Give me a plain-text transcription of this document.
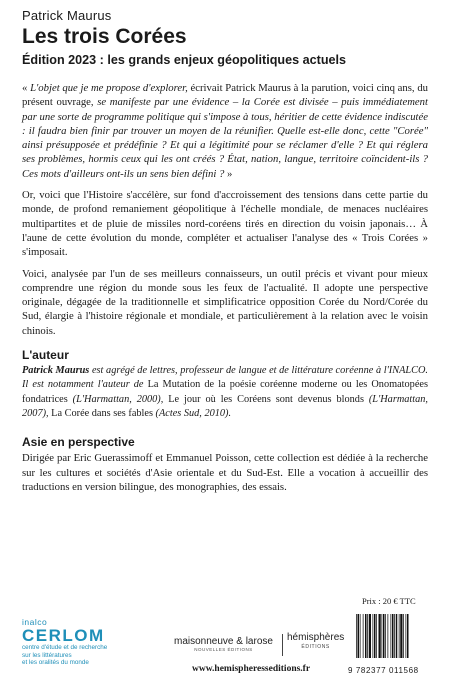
Patrick Maurus

Les trois Corées

Édition 2023 : les grands enjeux géopolitiques actuels

« L'objet que je me propose d'explorer, écrivait Patrick Maurus à la parution, voici cinq ans, du présent ouvrage, se manifeste par une évidence – la Corée est divisée – puis immédiatement par une sorte de programme politique qui s'impose à tous, héritier de cette évidence indiscutée : il faudra bien finir par trouver un moyen de la réunifier. Quelle est-elle donc, cette "Corée" ainsi présupposée et prédéfinie ? Et qui a légitimité pour se réclamer d'elle ? Et qui réglera ses problèmes, hormis ceux qui les ont créés ? État, nation, langue, territoire coïncident-ils ? Ces mots d'ailleurs ont-ils un sens bien défini ? »

Or, voici que l'Histoire s'accélère, sur fond d'accroissement des tensions dans cette partie du monde, de profond remaniement géopolitique à l'échelle mondiale, de menaces nucléaires multipartites et de pluie de missiles nord-coréens tirés en direction du voisin japonais… À l'aune de cette évolution du monde, compléter et actualiser l'analyse des « Trois Corées » s'imposait.

Voici, analysée par l'un de ses meilleurs connaisseurs, un outil précis et vivant pour mieux comprendre une région du monde sous les feux de l'actualité. Il adopte une perspective originale, dégagée de la traditionnelle et simplificatrice opposition Corée du Nord/Corée du Sud, élargie à l'histoire régionale et mondiale, et particulièrement à la relation avec le voisin chinois.

L'auteur

Patrick Maurus est agrégé de lettres, professeur de langue et de littérature coréenne à l'INALCO. Il est notamment l'auteur de La Mutation de la poésie coréenne moderne ou les Onomatopées fondatrices (L'Harmattan, 2000), Le jour où les Coréens sont devenus blonds (L'Harmattan, 2007), La Corée dans ses fables (Actes Sud, 2010).

Asie en perspective

Dirigée par Eric Guerassimoff et Emmanuel Poisson, cette collection est dédiée à la recherche sur les cultures et sociétés d'Asie orientale et du Sud-Est. Elle a vocation à accueillir des traductions en version bilingue, des monographies, des essais.

inalco
CERLOM
centre d'étude et de recherche
sur les littératures
et les oralités du monde
maisonneuve & larose
NOUVELLES ÉDITIONS
hémisphères
ÉDITIONS
www.hemispheresseditions.fr
Prix : 20 € TTC
9 782377 011568
